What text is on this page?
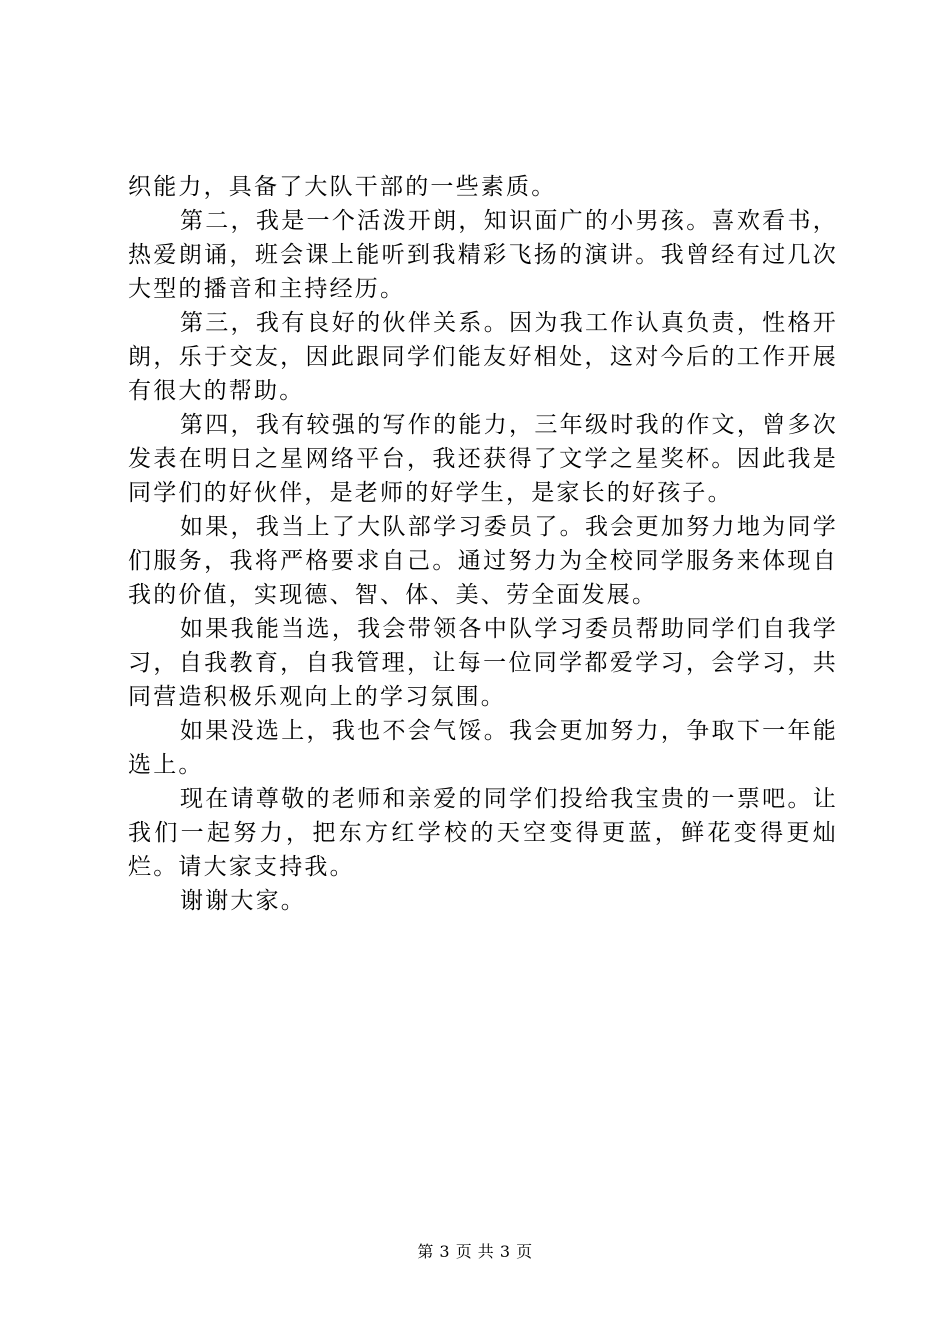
织能力，具备了大队干部的一些素质。

第二，我是一个活泼开朗，知识面广的小男孩。喜欢看书，热爱朗诵，班会课上能听到我精彩飞扬的演讲。我曾经有过几次大型的播音和主持经历。

第三，我有良好的伙伴关系。因为我工作认真负责，性格开朗，乐于交友，因此跟同学们能友好相处，这对今后的工作开展有很大的帮助。

第四，我有较强的写作的能力，三年级时我的作文，曾多次发表在明日之星网络平台，我还获得了文学之星奖杯。因此我是同学们的好伙伴，是老师的好学生，是家长的好孩子。

如果，我当上了大队部学习委员了。我会更加努力地为同学们服务，我将严格要求自己。通过努力为全校同学服务来体现自我的价值，实现德、智、体、美、劳全面发展。

如果我能当选，我会带领各中队学习委员帮助同学们自我学习，自我教育，自我管理，让每一位同学都爱学习，会学习，共同营造积极乐观向上的学习氛围。

如果没选上，我也不会气馁。我会更加努力，争取下一年能选上。

现在请尊敬的老师和亲爱的同学们投给我宝贵的一票吧。让我们一起努力，把东方红学校的天空变得更蓝，鲜花变得更灿烂。请大家支持我。

谢谢大家。

第 3 页 共 3 页
